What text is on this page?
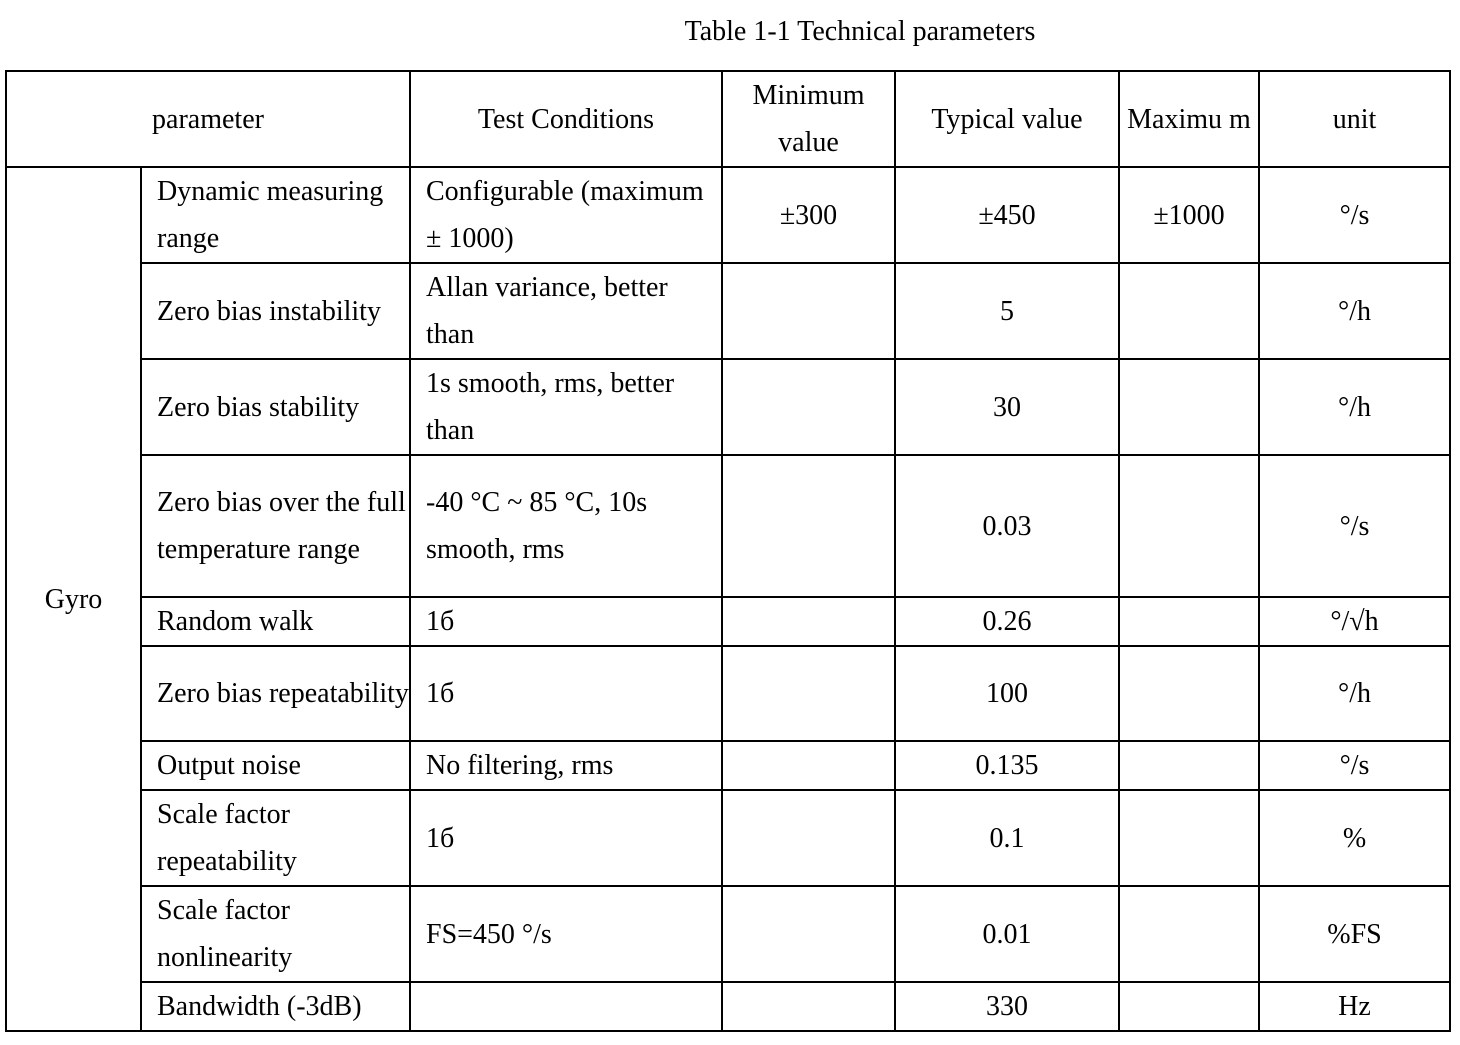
Table 1-1 Technical parameters
parameter		Test Conditions	Minimum value	Typical value	Maximu m	unit
Gyro	Dynamic measuring range	Configurable (maximum ± 1000)	±300	±450	±1000	°/s
	Zero bias instability	Allan variance, better than		5		°/h
	Zero bias stability	1s smooth, rms, better than		30		°/h
	Zero bias over the full temperature range	-40 °C ~ 85 °C, 10s smooth, rms		0.03		°/s
	Random walk	1б		0.26		°/√h
	Zero bias repeatability	1б		100		°/h
	Output noise	No filtering, rms		0.135		°/s
	Scale factor repeatability	1б		0.1		%
	Scale factor nonlinearity	FS=450 °/s		0.01		%FS
	Bandwidth (-3dB)			330		Hz
